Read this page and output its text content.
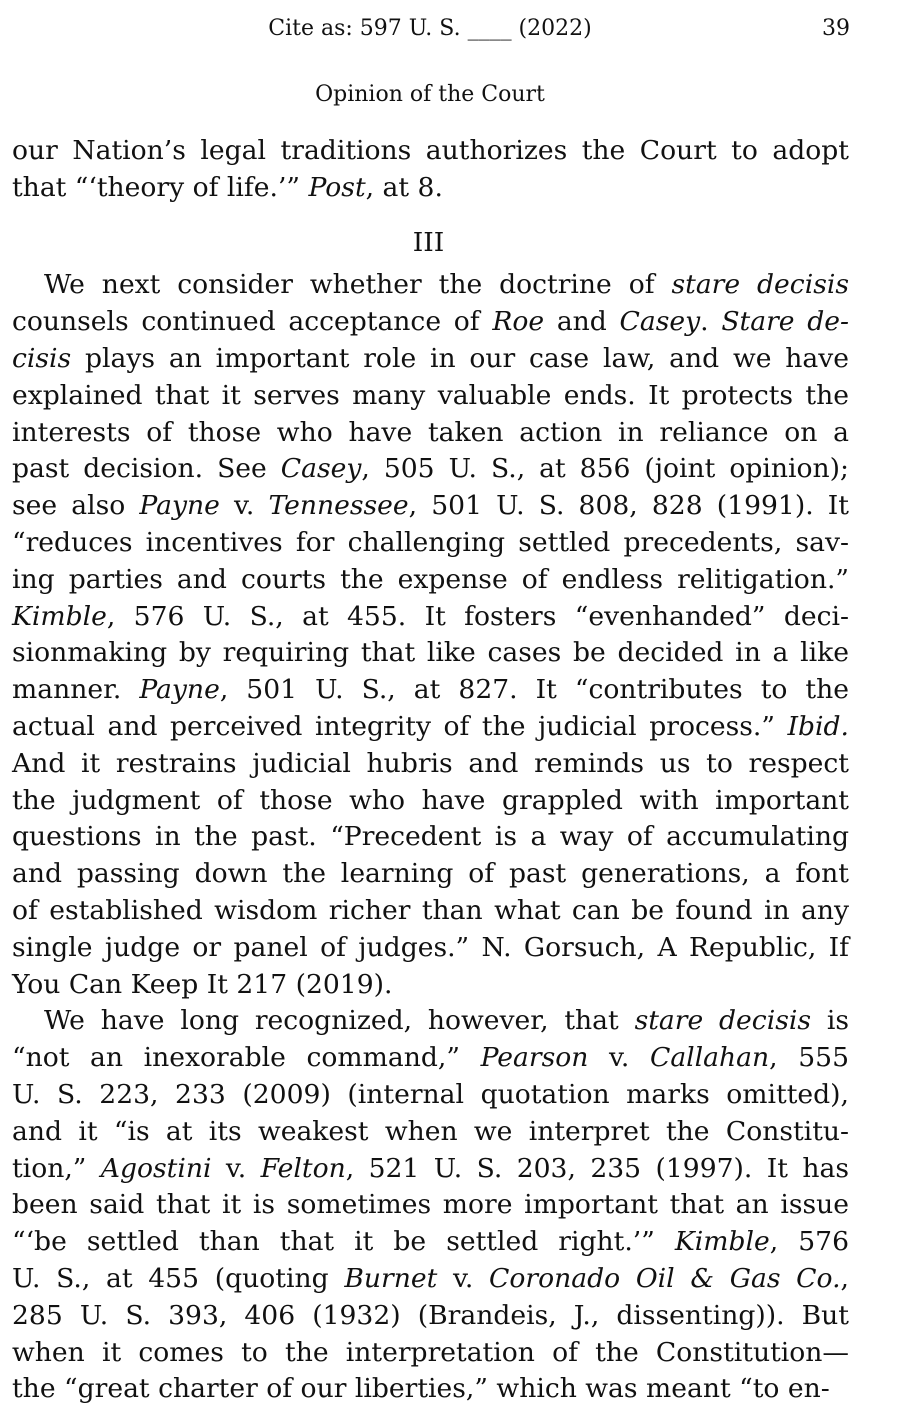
Cite as: 597 U. S. ____ (2022)	39
Opinion of the Court
our Nation’s legal traditions authorizes the Court to adopt
that “‘theory of life.’” Post, at 8.
III
We next consider whether the doctrine of stare decisis
counsels continued acceptance of Roe and Casey. Stare de-
cisis plays an important role in our case law, and we have
explained that it serves many valuable ends. It protects the
interests of those who have taken action in reliance on a
past decision. See Casey, 505 U. S., at 856 (joint opinion);
see also Payne v. Tennessee, 501 U. S. 808, 828 (1991). It
“reduces incentives for challenging settled precedents, sav-
ing parties and courts the expense of endless relitigation.”
Kimble, 576 U. S., at 455. It fosters “evenhanded” deci-
sionmaking by requiring that like cases be decided in a like
manner. Payne, 501 U. S., at 827. It “contributes to the
actual and perceived integrity of the judicial process.” Ibid.
And it restrains judicial hubris and reminds us to respect
the judgment of those who have grappled with important
questions in the past. “Precedent is a way of accumulating
and passing down the learning of past generations, a font
of established wisdom richer than what can be found in any
single judge or panel of judges.” N. Gorsuch, A Republic, If
You Can Keep It 217 (2019).
We have long recognized, however, that stare decisis is
“not an inexorable command,” Pearson v. Callahan, 555
U. S. 223, 233 (2009) (internal quotation marks omitted),
and it “is at its weakest when we interpret the Constitu-
tion,” Agostini v. Felton, 521 U. S. 203, 235 (1997). It has
been said that it is sometimes more important that an issue
“‘be settled than that it be settled right.’” Kimble, 576
U. S., at 455 (quoting Burnet v. Coronado Oil & Gas Co.,
285 U. S. 393, 406 (1932) (Brandeis, J., dissenting)). But
when it comes to the interpretation of the Constitution—
the “great charter of our liberties,” which was meant “to en-
